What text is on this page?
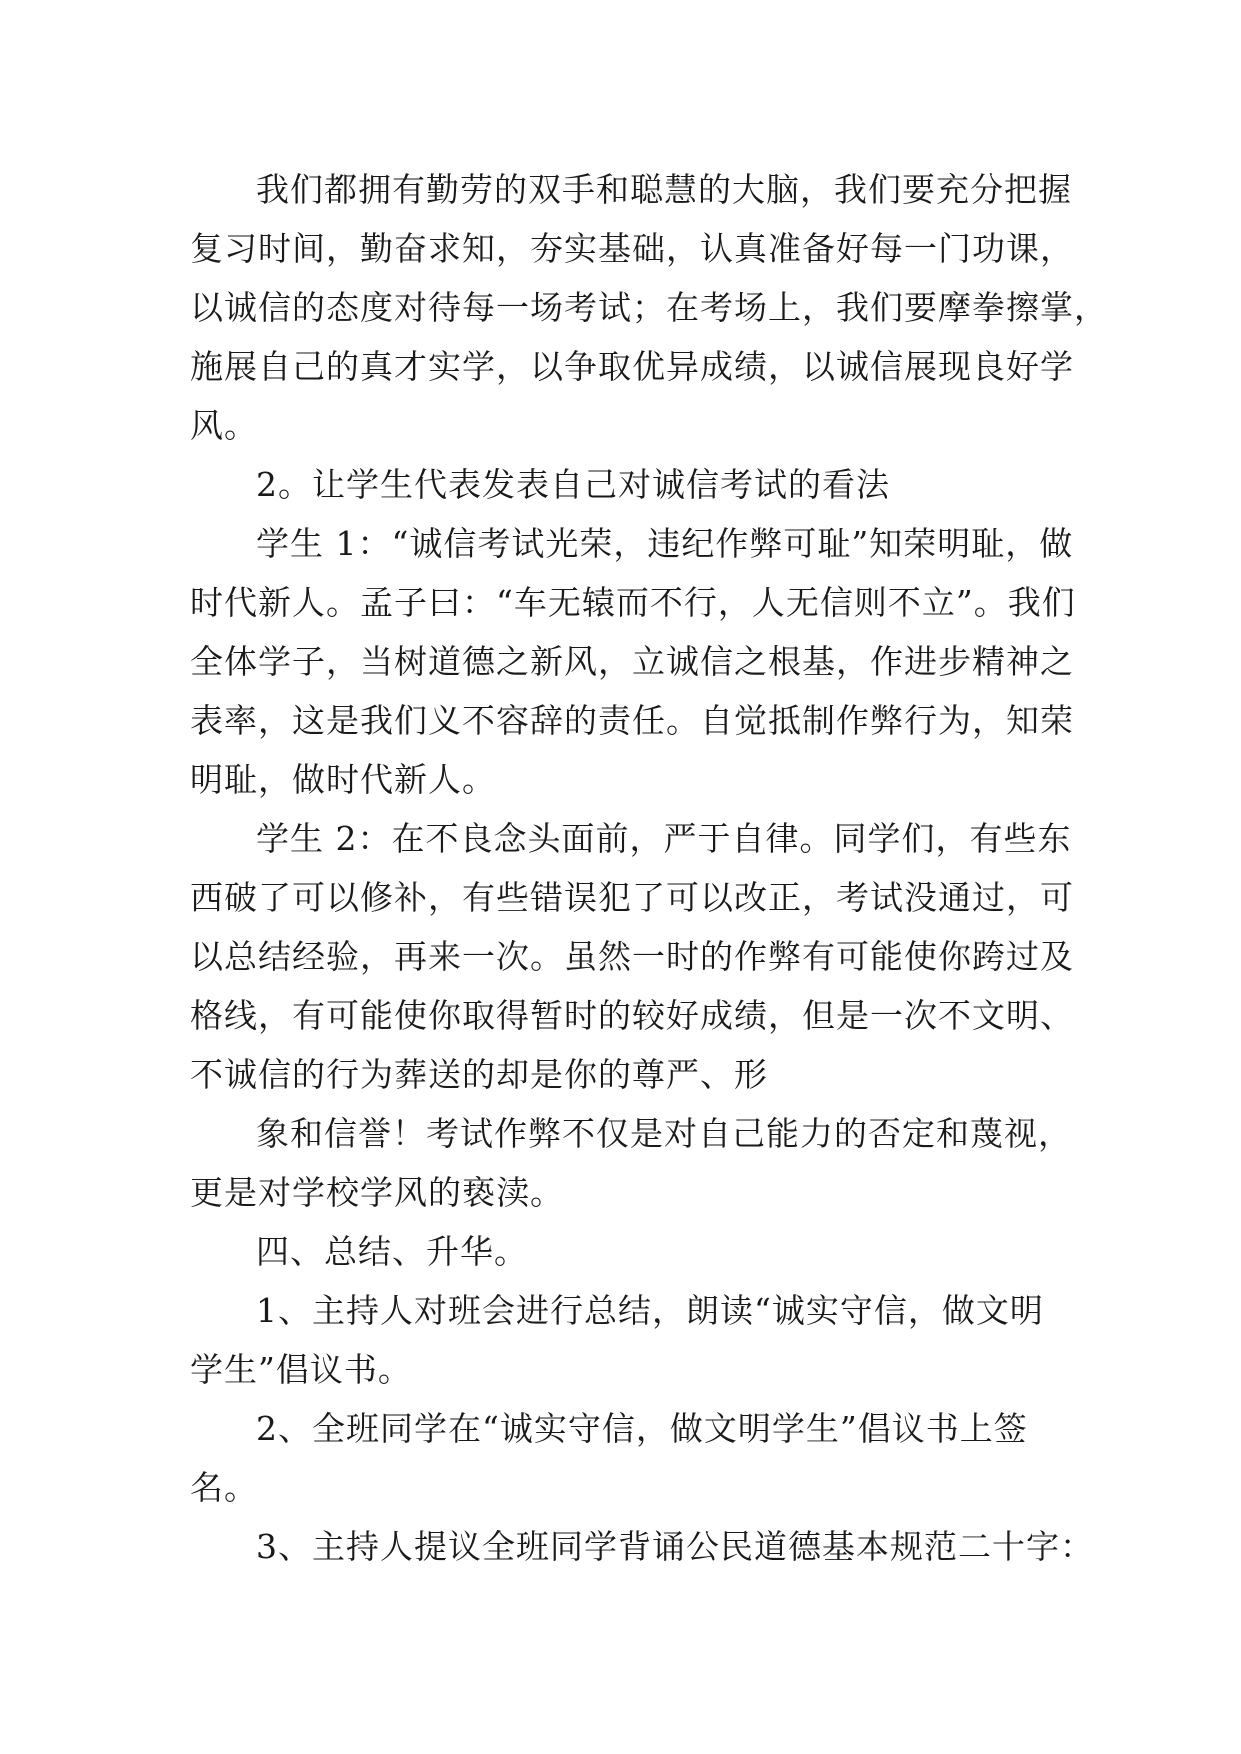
我们都拥有勤劳的双手和聪慧的大脑，我们要充分把握
复习时间，勤奋求知，夯实基础，认真准备好每一门功课，
以诚信的态度对待每一场考试；在考场上，我们要摩拳擦掌，
施展自己的真才实学，以争取优异成绩，以诚信展现良好学
风。

2。让学生代表发表自己对诚信考试的看法

学生 1：“诚信考试光荣，违纪作弊可耻”知荣明耻，做
时代新人。孟子曰：“车无辕而不行，人无信则不立”。我们
全体学子，当树道德之新风，立诚信之根基，作进步精神之
表率，这是我们义不容辞的责任。自觉抵制作弊行为，知荣
明耻，做时代新人。

学生 2：在不良念头面前，严于自律。同学们，有些东
西破了可以修补，有些错误犯了可以改正，考试没通过，可
以总结经验，再来一次。虽然一时的作弊有可能使你跨过及
格线，有可能使你取得暂时的较好成绩，但是一次不文明、
不诚信的行为葬送的却是你的尊严、形

象和信誉！考试作弊不仅是对自己能力的否定和蔑视，
更是对学校学风的亵渎。

四、总结、升华。

1、主持人对班会进行总结，朗读“诚实守信，做文明
学生”倡议书。

2、全班同学在“诚实守信，做文明学生”倡议书上签
名。

3、主持人提议全班同学背诵公民道德基本规范二十字：
